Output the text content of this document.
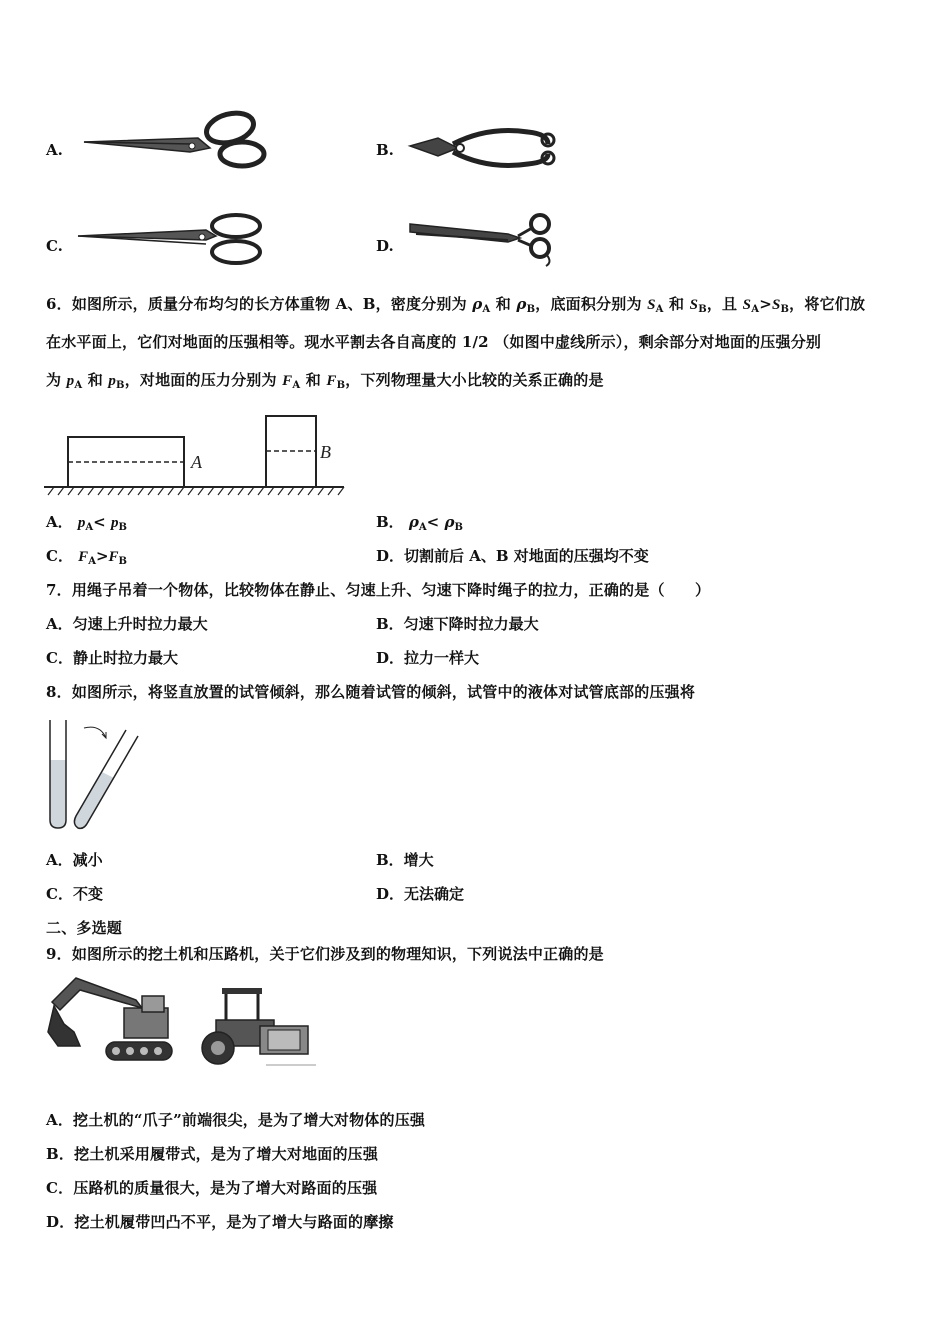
A.	B.
C.	D.
6．如图所示，质量分布均匀的长方体重物 A、B，密度分别为 $\rho_A$ 和 $\rho_B$，底面积分别为 $S_A$ 和 $S_B$，且 $S_A>S_B$，将它们放
在水平面上，它们对地面的压强相等。现水平割去各自高度的 1/2 （如图中虚线所示），剩余部分对地面的压强分别
为 $p_A$ 和 $p_B$，对地面的压力分别为 $F_A$ 和 $F_B$，下列物理量大小比较的关系正确的是
A	B
A． $p_A< p_B$	B． $\rho_A< \rho_B$
C． $F_A>F_B$	D．切割前后 A、B 对地面的压强均不变
7．用绳子吊着一个物体，比较物体在静止、匀速上升、匀速下降时绳子的拉力，正确的是（　　）
A．匀速上升时拉力最大	B．匀速下降时拉力最大
C．静止时拉力最大	D．拉力一样大
8．如图所示，将竖直放置的试管倾斜，那么随着试管的倾斜，试管中的液体对试管底部的压强将
A．减小	B．增大
C．不变	D．无法确定
二、多选题
9．如图所示的挖土机和压路机，关于它们涉及到的物理知识，下列说法中正确的是
A．挖土机的“爪子”前端很尖，是为了增大对物体的压强
B．挖土机采用履带式，是为了增大对地面的压强
C．压路机的质量很大，是为了增大对路面的压强
D．挖土机履带凹凸不平，是为了增大与路面的摩擦
